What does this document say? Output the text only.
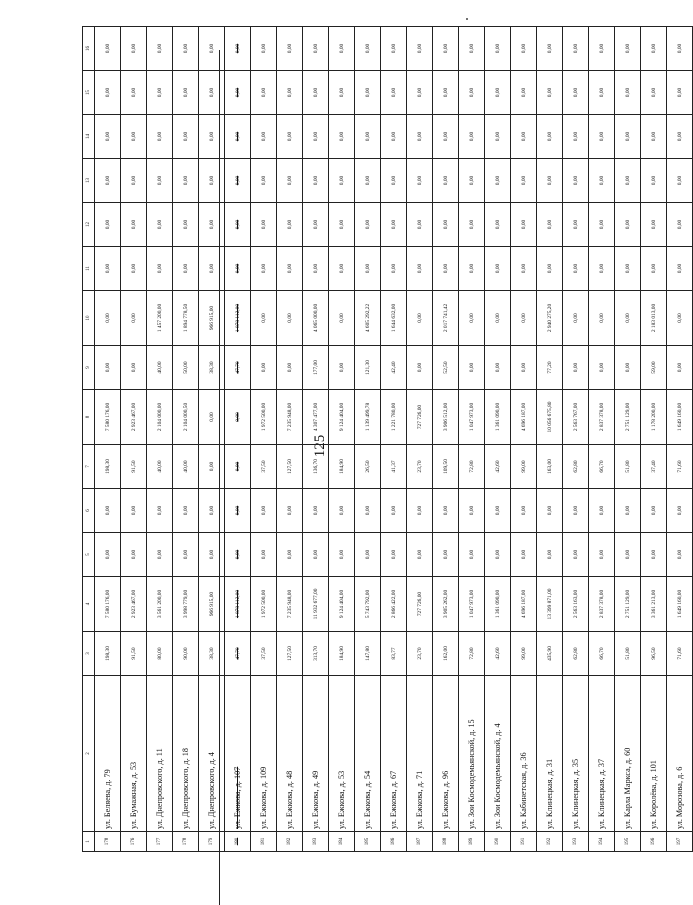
125
1	2	3	4	5	6	7	8	9	10	11	12	13	14	15	16
178	ул. Беляева, д. 79	198,30	7 580 176,00	0,00	0,00	198,30	7 580 176,00	0,00	0,00	0,00	0,00	0,00	0,00	0,00	0,00
176	ул. Бумажная, д. 53	91,50	2 923 467,00	0,00	0,00	91,50	2 923 467,00	0,00	0,00	0,00	0,00	0,00	0,00	0,00	0,00
177	ул. Днепровского, д. 11	80,00	3 561 200,00	0,00	0,00	40,00	2 104 000,00	40,00	1 457 200,00	0,00	0,00	0,00	0,00	0,00	0,00
178	ул. Днепровского, д. 18	90,00	3 998 779,00	0,00	0,00	40,00	2 104 000,50	50,00	1 894 778,50	0,00	0,00	0,00	0,00	0,00	0,00
179	ул. Днепровского, д. 4	38,30	966 915,00	0,00	0,00	0,00	0,00	38,30	966 915,00	0,00	0,00	0,00	0,00	0,00	0,00
180	ул. Ежкова, д. 107	47,70	1 878 112,00	0,00	0,00	0,00	0,00	47,70	1 878 112,00	0,00	0,00	0,00	0,00	0,00	0,00
181	ул. Ежкова, д. 109	37,50	1 972 500,00	0,00	0,00	37,50	1 972 500,00	0,00	0,00	0,00	0,00	0,00	0,00	0,00	0,00
182	ул. Ежкова, д. 48	127,50	7 235 948,00	0,00	0,00	127,50	7 235 948,00	0,00	0,00	0,00	0,00	0,00	0,00	0,00	0,00
183	ул. Ежкова, д. 49	313,70	11 932 677,00	0,00	0,00	136,70	4 307 477,00	177,00	4 065 000,00	0,00	0,00	0,00	0,00	0,00	0,00
184	ул. Ежкова, д. 53	184,90	9 124 404,00	0,00	0,00	184,90	9 124 404,00	0,00	0,00	0,00	0,00	0,00	0,00	0,00	0,00
185	ул. Ежкова, д. 54	147,80	5 743 792,00	0,00	0,00	26,50	1 139 499,78	121,30	4 605 292,22	0,00	0,00	0,00	0,00	0,00	0,00
186	ул. Ежкова, д. 67	83,77	2 866 422,00	0,00	0,00	41,37	1 221 780,00	42,40	1 644 632,00	0,00	0,00	0,00	0,00	0,00	0,00
187	ул. Ежкова, д. 71	23,70	727 726,00	0,00	0,00	23,70	727 726,00	0,00	0,00	0,00	0,00	0,00	0,00	0,00	0,00
188	ул. Ежкова, д. 96	162,00	3 905 262,00	0,00	0,00	109,50	3 906 512,00	52,50	2 017 741,42	0,00	0,00	0,00	0,00	0,00	0,00
189	ул. Зои Космодемьянской, д. 15	72,80	1 047 973,00	0,00	0,00	72,80	1 047 973,00	0,00	0,00	0,00	0,00	0,00	0,00	0,00	0,00
190	ул. Зои Космодемьянской, д. 4	42,60	1 361 090,00	0,00	0,00	42,60	1 361 090,00	0,00	0,00	0,00	0,00	0,00	0,00	0,00	0,00
191	ул. Кабинетская, д. 36	99,00	4 696 187,00	0,00	0,00	99,00	4 696 187,00	0,00	0,00	0,00	0,00	0,00	0,00	0,00	0,00
192	ул. Клинецкая, д. 31	435,90	13 399 871,00	0,00	0,00	163,00	10 056 675,80	77,20	2 940 275,20	0,00	0,00	0,00	0,00	0,00	0,00
193	ул. Клинецкая, д. 35	62,80	2 563 163,00	0,00	0,00	62,80	2 563 767,00	0,00	0,00	0,00	0,00	0,00	0,00	0,00	0,00
194	ул. Клинецкая, д. 37	66,70	2 837 378,00	0,00	0,00	66,70	2 837 378,00	0,00	0,00	0,00	0,00	0,00	0,00	0,00	0,00
195	ул. Карла Маркса, д. 60	51,80	2 751 129,00	0,00	0,00	51,80	2 751 129,00	0,00	0,00	0,00	0,00	0,00	0,00	0,00	0,00
196	ул. Королёва, д. 101	96,50	3 361 213,00	0,00	0,00	37,40	1 178 200,00	59,00	2 183 013,00	0,00	0,00	0,00	0,00	0,00	0,00
197	ул. Морозова, д. 6	71,60	1 649 160,00	0,00	0,00	71,60	1 649 160,00	0,00	0,00	0,00	0,00	0,00	0,00	0,00	0,00
